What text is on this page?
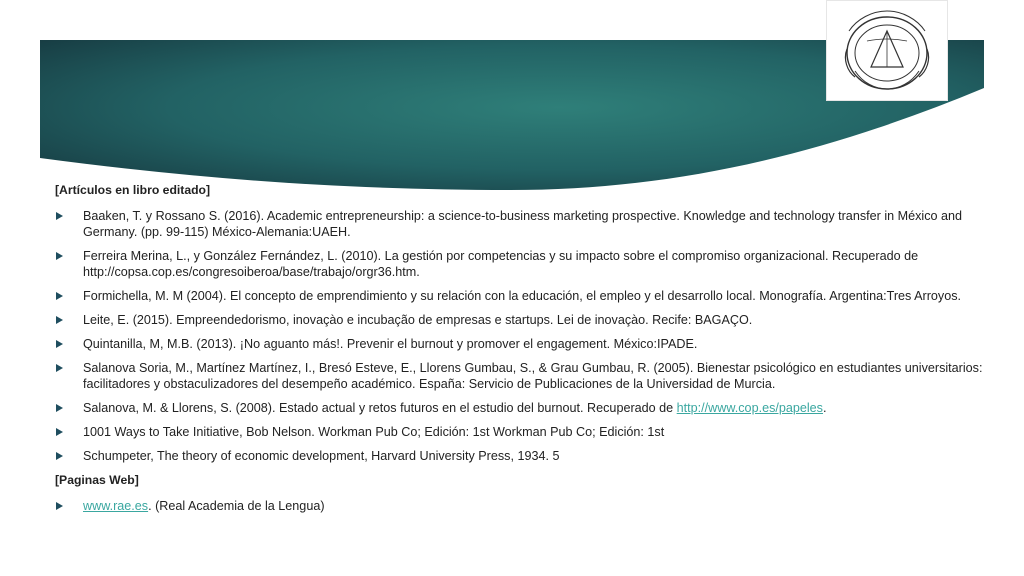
[Artículos en libro editado]
Baaken, T. y Rossano S. (2016). Academic entrepreneurship: a science-to-business marketing prospective. Knowledge and technology transfer in México and Germany. (pp. 99-115) México-Alemania:UAEH.
Ferreira Merina, L., y González Fernández, L. (2010). La gestión por competencias y su impacto sobre el compromiso organizacional. Recuperado de http://copsa.cop.es/congresoiberoa/base/trabajo/orgr36.htm.
Formichella, M. M (2004). El concepto de emprendimiento y su relación con la educación, el empleo y el desarrollo local. Monografía. Argentina:Tres Arroyos.
Leite, E. (2015). Empreendedorismo, inovaçào e incubação de empresas e startups. Lei de inovaçào. Recife: BAGAÇO.
Quintanilla, M, M.B. (2013). ¡No aguanto más!. Prevenir el burnout y promover el engagement. México:IPADE.
Salanova Soria, M., Martínez Martínez, I., Bresó Esteve, E., Llorens Gumbau, S., & Grau Gumbau, R. (2005). Bienestar psicológico en estudiantes universitarios: facilitadores y obstaculizadores del desempeño académico. España: Servicio de Publicaciones de la Universidad de Murcia.
Salanova, M. & Llorens, S. (2008). Estado actual y retos futuros en el estudio del burnout. Recuperado de http://www.cop.es/papeles.
1001 Ways to Take Initiative, Bob Nelson. Workman Pub Co; Edición: 1st Workman Pub Co; Edición: 1st
Schumpeter, The theory of economic development, Harvard University Press, 1934. 5
[Paginas Web]
www.rae.es. (Real Academia de la Lengua)
